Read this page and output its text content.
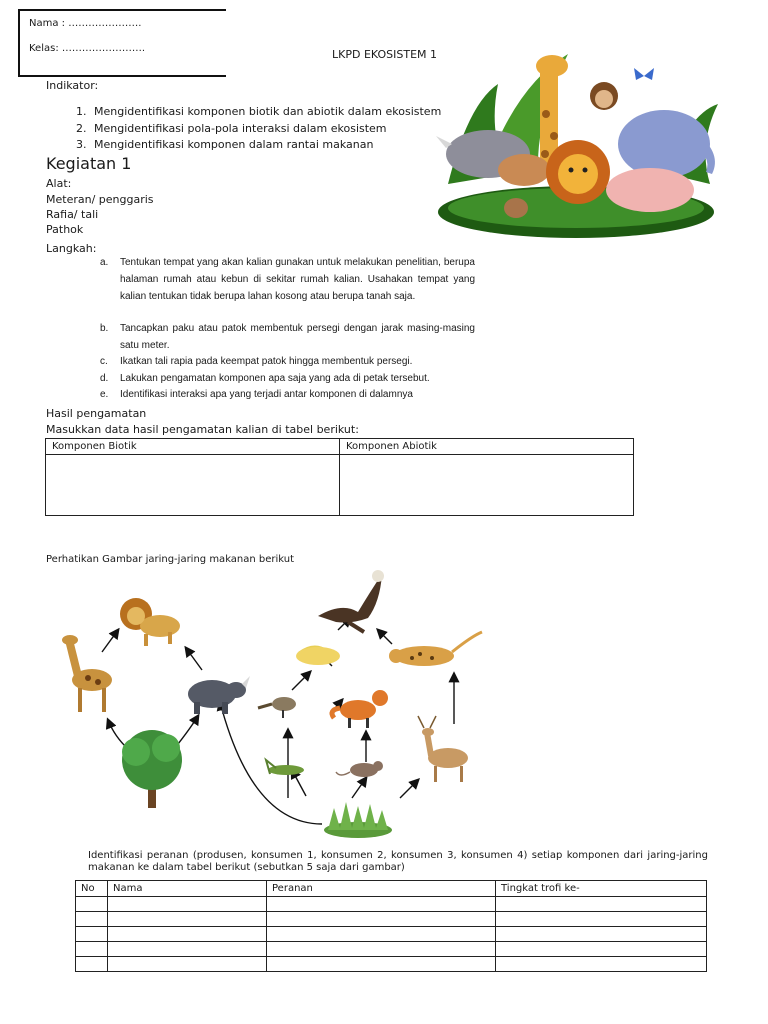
Nama : ………………….
Kelas: …………………….	LKPD EKOSISTEM 1
Indikator:
1. Mengidentifikasi komponen biotik dan abiotik dalam ekosistem
2. Mengidentifikasi pola-pola interaksi dalam ekosistem
3. Mengidentifikasi komponen dalam rantai makanan
Kegiatan 1
Alat:
Meteran/ penggaris
Rafia/ tali
Pathok
Langkah:
a. Tentukan tempat yang akan kalian gunakan untuk melakukan penelitian, berupa halaman rumah atau kebun di sekitar rumah kalian. Usahakan tempat yang kalian tentukan tidak berupa lahan kosong atau berupa tanah saja.
b. Tancapkan paku atau patok membentuk persegi dengan jarak masing-masing satu meter.
c. Ikatkan tali rapia pada keempat patok hingga membentuk persegi.
d. Lakukan pengamatan komponen apa saja yang ada di petak tersebut.
e. Identifikasi interaksi apa yang terjadi antar komponen di dalamnya
Hasil pengamatan
Masukkan data hasil pengamatan kalian di tabel berikut:
Komponen Biotik	Komponen Abiotik

Perhatikan Gambar jaring-jaring makanan berikut
Identifikasi peranan (produsen, konsumen 1, konsumen 2, konsumen 3, konsumen 4) setiap komponen dari jaring-jaring makanan ke dalam tabel berikut (sebutkan 5 saja dari gambar)
No	Nama	Peranan	Tingkat trofi ke-
